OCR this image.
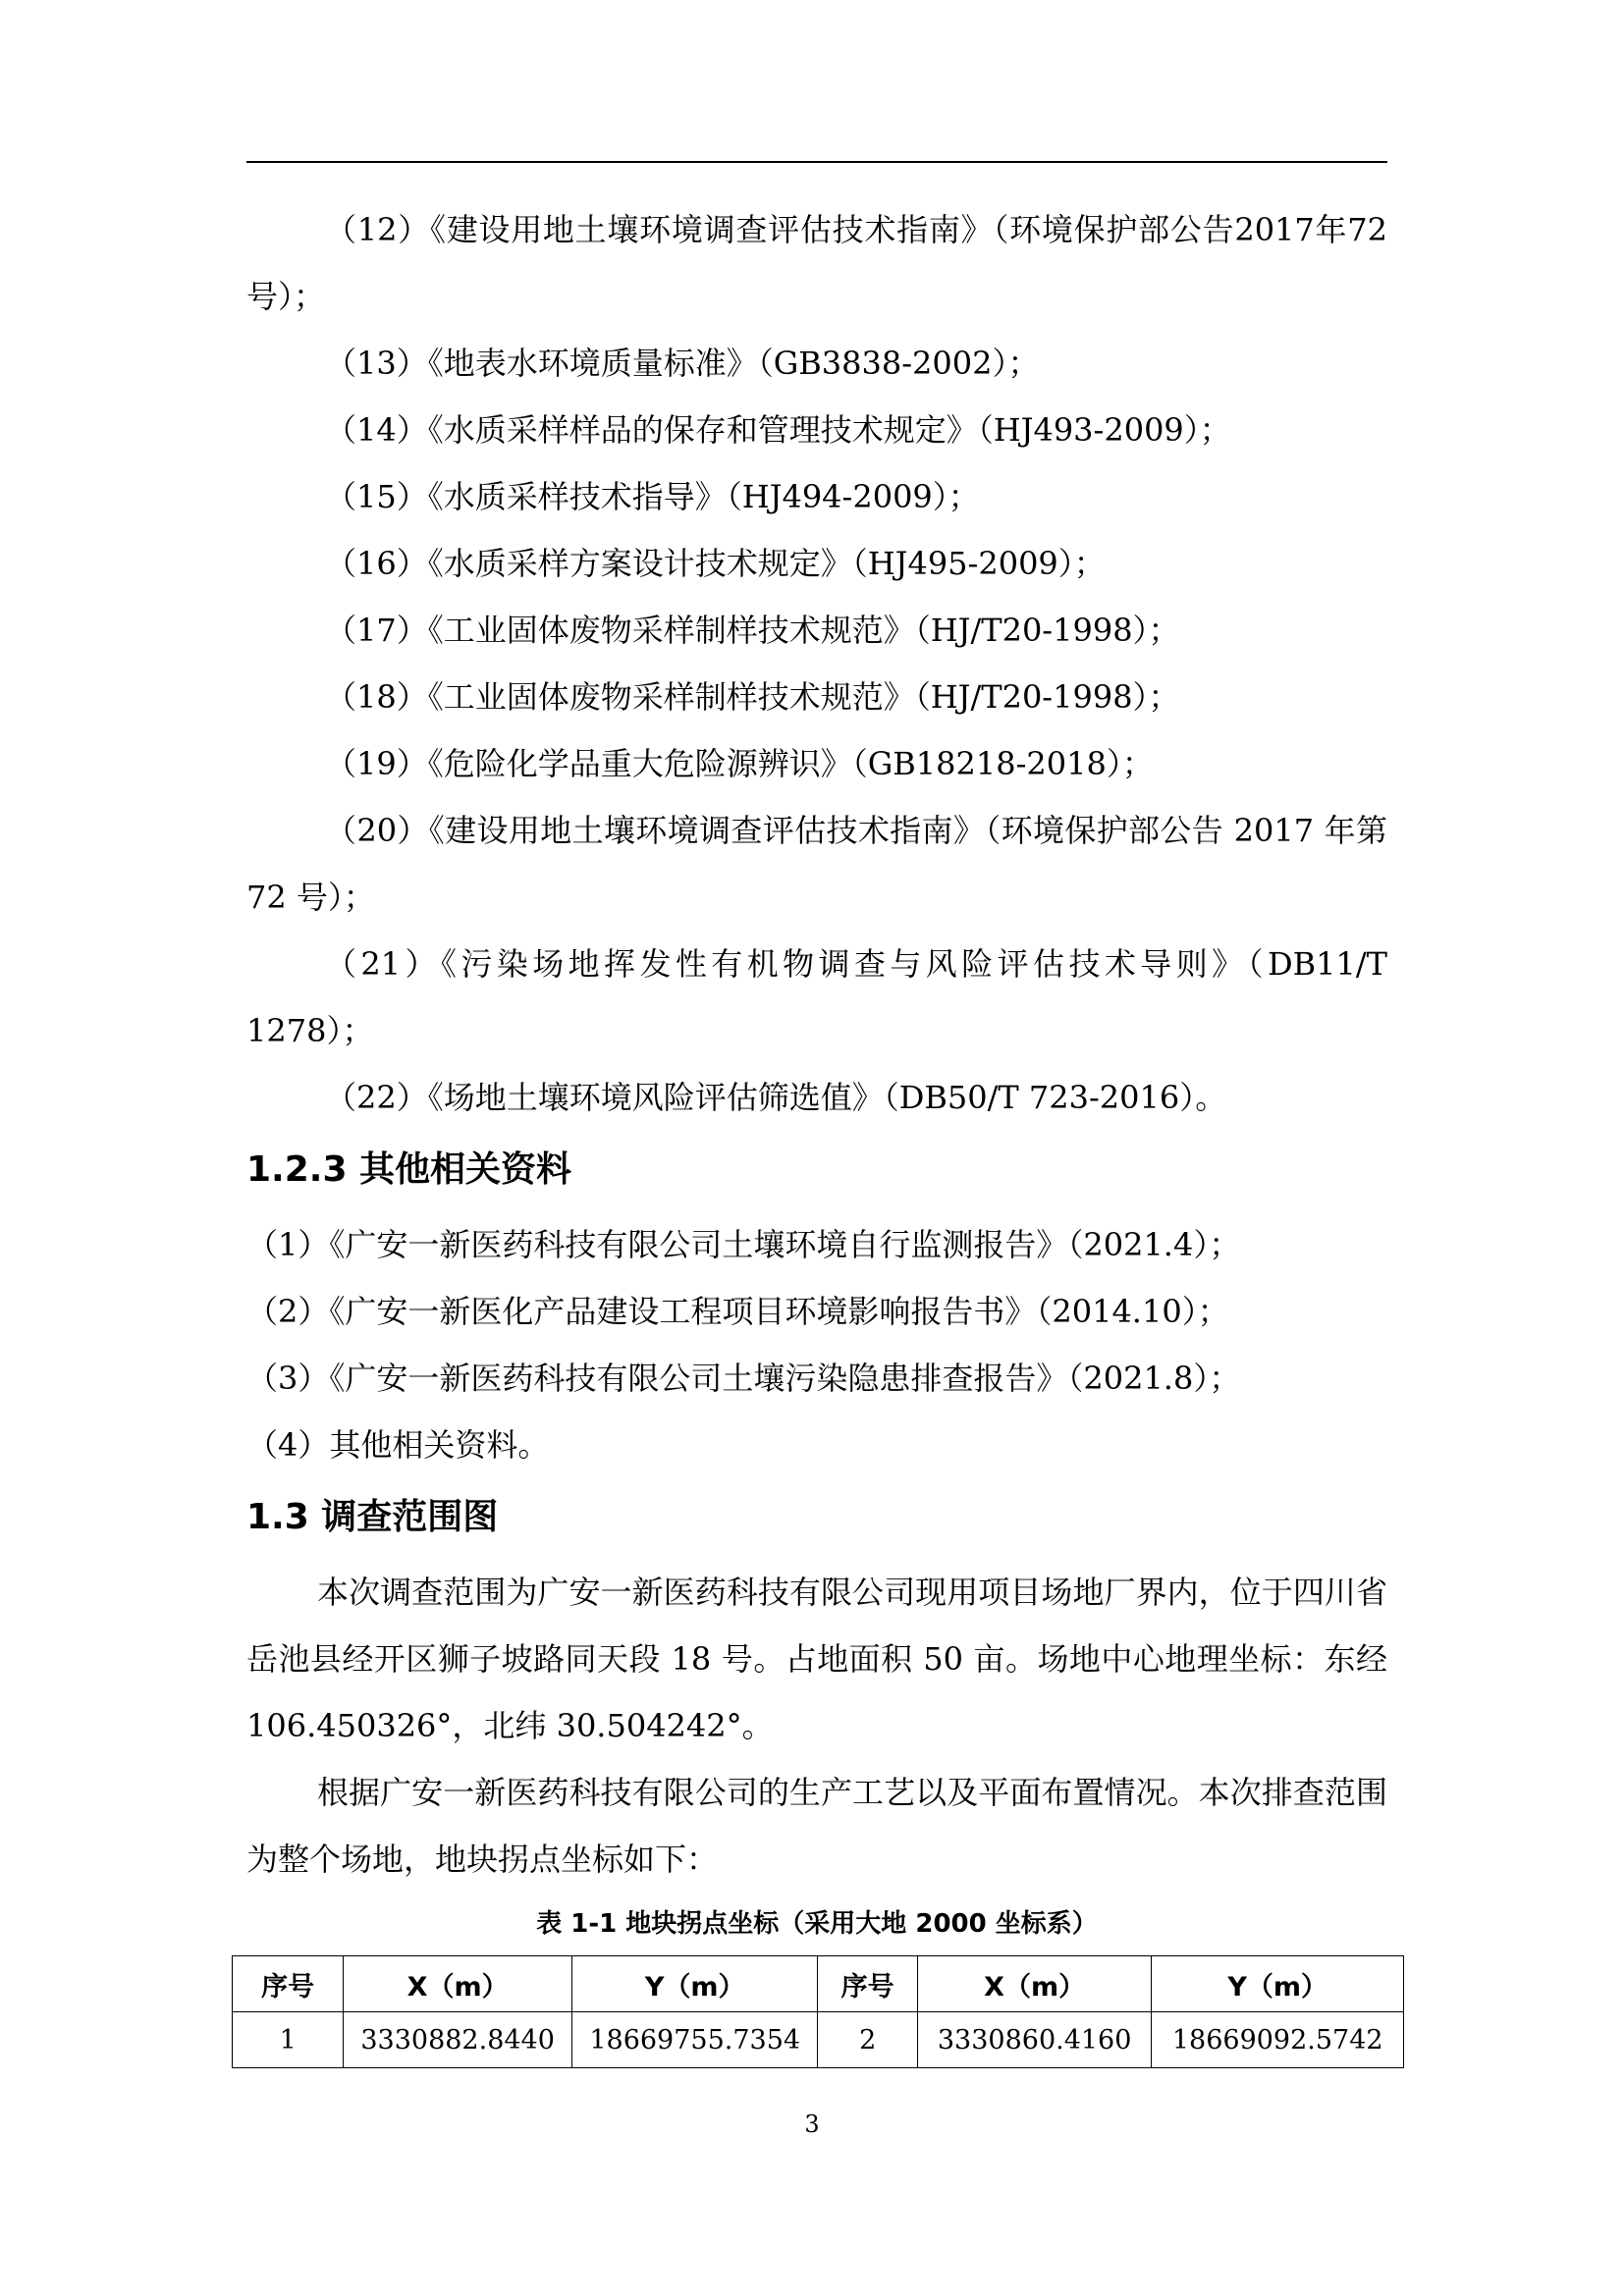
（12）《建设用地土壤环境调查评估技术指南》（环境保护部公告2017年72号）；

（13）《地表水环境质量标准》（GB3838-2002）；

（14）《水质采样样品的保存和管理技术规定》（HJ493-2009）；

（15）《水质采样技术指导》（HJ494-2009）；

（16）《水质采样方案设计技术规定》（HJ495-2009）；

（17）《工业固体废物采样制样技术规范》（HJ/T20-1998）；

（18）《工业固体废物采样制样技术规范》（HJ/T20-1998）；

（19）《危险化学品重大危险源辨识》（GB18218-2018）；

（20）《建设用地土壤环境调查评估技术指南》（环境保护部公告 2017 年第72 号）；

（21）《污染场地挥发性有机物调查与风险评估技术导则》（DB11/T 1278）；

（22）《场地土壤环境风险评估筛选值》（DB50/T 723-2016）。

1.2.3 其他相关资料

（1）《广安一新医药科技有限公司土壤环境自行监测报告》（2021.4）；

（2）《广安一新医化产品建设工程项目环境影响报告书》（2014.10）；

（3）《广安一新医药科技有限公司土壤污染隐患排查报告》（2021.8）；

（4）其他相关资料。

1.3 调查范围图

本次调查范围为广安一新医药科技有限公司现用项目场地厂界内，位于四川省岳池县经开区狮子坡路同天段 18 号。占地面积 50 亩。场地中心地理坐标：东经 106.450326°，北纬 30.504242°。

根据广安一新医药科技有限公司的生产工艺以及平面布置情况。本次排查范围为整个场地，地块拐点坐标如下：

表 1-1 地块拐点坐标（采用大地 2000 坐标系）
序号	X（m）	Y（m）	序号	X（m）	Y（m）
1	3330882.8440	18669755.7354	2	3330860.4160	18669092.5742
3
